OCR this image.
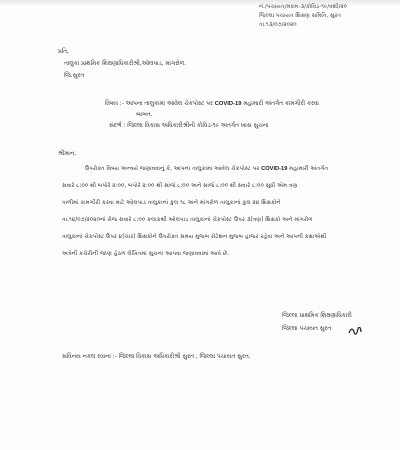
નં./પંચાયત/મકમ-૩/કોવિડ-૧૯/વશી/૨૦
જિલ્લા પંચાયત શિક્ષણ સમિતિ, સુરત
તા.૧૩/૦૭/૨૦૨૦
પ્રતિ,
તાલુકા પ્રાથમિક શિક્ષણાધિકારીશ્રી,ઓલપાડ, માંગરોળ.
જિ.સુરત
વિષય :- આપના તાલુકામાં આવેલ ચેકપોસ્ટ પર COVID-19 મહામારી અંતર્ગત કામગીરી કરવા
બાબત.
સંદર્ભ : જિલ્લા વિકાસ અધિકારીશ્રીની કોવિડ-૧૯ અંતર્ગત ખાસ સુચના
શ્રીમાન,
ઉપરોક્ત વિષય અન્વયે જણાવવાનું કે, આપના તાલુકામાં આવેલ ચેકપોસ્ટ પર COVID-19 મહામારી અંતર્ગત
સવારે ૮:૦૦ થી બપોરે ૨:૦૦, બપોરે ૨:૦૦ થી સાંજે ૮:૦૦ અને સાંજે ૮:૦૦ થી સવારે ૮:૦૦ સુધી એમ ત્રણ
પાળીમાં કામગીરી કરવા માટે ઓલપાડ તાલુકાનાં કુલ ૧૮ અને માંગરોળ તાલુકાનાં કુલ ૨૪ શિક્ષકોને
તા.૧૪/૦૭/૨૦૨૦નાં રોજ સવારે ૮:૦૦ કલાકથી ઓલપાડ તાલુકાનાં ચેકપોસ્ટ ઉપર ૩(ત્રણ) શિક્ષકો અને માંગરોળ
તાલુકાનાં ચેકપોસ્ટ ઉપર ૪(ચાર) શિક્ષકોને ઉપરોક્ત સમય મુજબ રોટેશન મુજબ હાજર રહેવા અને આપની કક્ષાએથી
અત્રેની કચેરીની જાણ હેઠળ લેખિતમાં સુચના આપવા જણાવવામાં આવે છે.
જિલ્લા પ્રાથમિક શિક્ષણાધિકારી
જિલ્લા પંચાયત સુરત
સવિનય નકલ રવાના :- જિલ્લા વિકાસ અધિકારીશ્રી સુરત , જિલ્લા પંચાયત સુરત.
